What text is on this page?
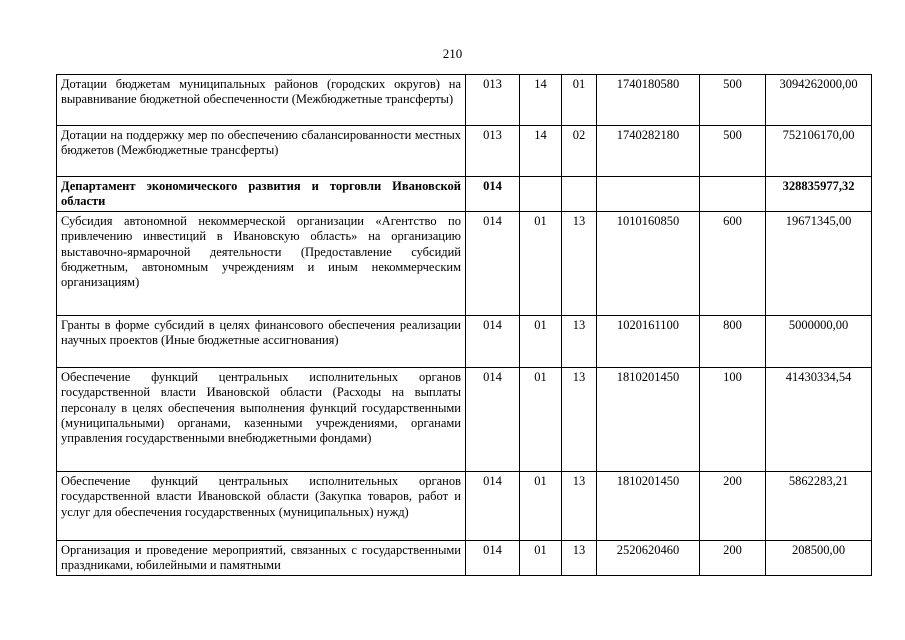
210
Дотации бюджетам муниципальных районов (городских округов) на выравнивание бюджетной обеспеченности (Межбюджетные трансферты)	013	14	01	1740180580	500	3094262000,00
Дотации на поддержку мер по обеспечению сбалансированности местных бюджетов (Межбюджетные трансферты)	013	14	02	1740282180	500	752106170,00
Департамент экономического развития и торговли Ивановской области	014					328835977,32
Субсидия автономной некоммерческой организации «Агентство по привлечению инвестиций в Ивановскую область» на организацию выставочно-ярмарочной деятельности (Предоставление субсидий бюджетным, автономным учреждениям и иным некоммерческим организациям)	014	01	13	1010160850	600	19671345,00
Гранты в форме субсидий в целях финансового обеспечения реализации научных проектов (Иные бюджетные ассигнования)	014	01	13	1020161100	800	5000000,00
Обеспечение функций центральных исполнительных органов государственной власти Ивановской области (Расходы на выплаты персоналу в целях обеспечения выполнения функций государственными (муниципальными) органами, казенными учреждениями, органами управления государственными внебюджетными фондами)	014	01	13	1810201450	100	41430334,54
Обеспечение функций центральных исполнительных органов государственной власти Ивановской области (Закупка товаров, работ и услуг для обеспечения государственных (муниципальных) нужд)	014	01	13	1810201450	200	5862283,21
Организация и проведение мероприятий, связанных с государственными праздниками, юбилейными и памятными	014	01	13	2520620460	200	208500,00
